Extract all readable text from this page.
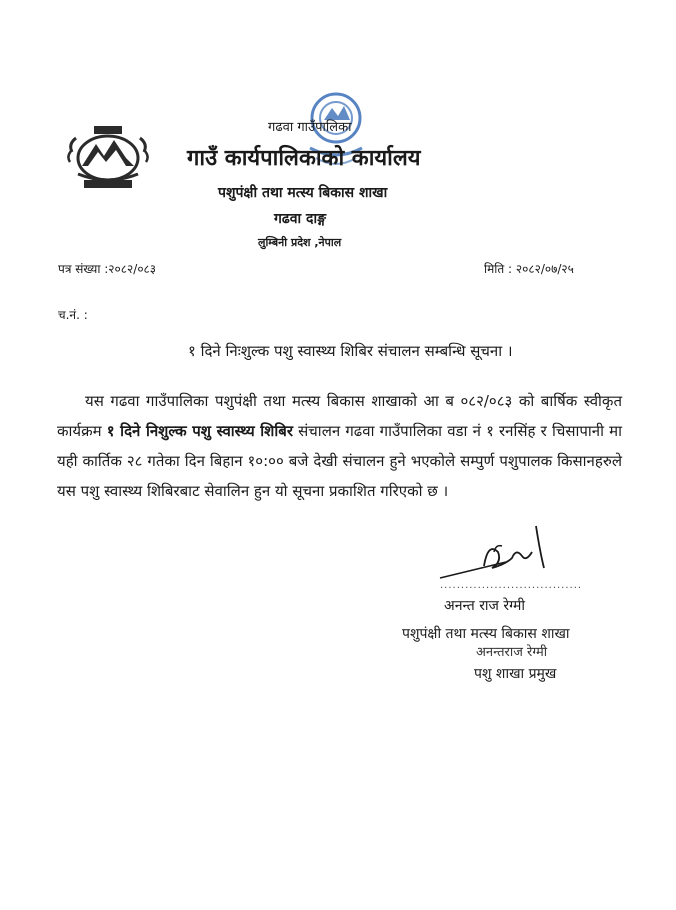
गढवा गाउँपालिका
गाउँ कार्यपालिकाको कार्यालय
पशुपंक्षी तथा मत्स्य बिकास शाखा
गढवा दाङ्ग
लुम्बिनी प्रदेश ,नेपाल
पत्र संख्या :२०८२/०८३	मिति : २०८२/०७/२५
च.नं. :
१ दिने निःशुल्क पशु स्वास्थ्य शिबिर संचालन सम्बन्धि सूचना ।
यस गढवा गाउँपालिका पशुपंक्षी तथा मत्स्य बिकास शाखाको आ ब ०८२/०८३ को बार्षिक स्वीकृत कार्यक्रम १ दिने निशुल्क पशु स्वास्थ्य शिबिर संचालन गढवा गाउँपालिका वडा नं १ रनसिंह र चिसापानी मा यही कार्तिक २८ गतेका दिन बिहान १०:०० बजे देखी संचालन हुने भएकोले सम्पुर्ण पशुपालक किसानहरुले यस पशु स्वास्थ्य शिबिरबाट सेवालिन हुन यो सूचना प्रकाशित गरिएको छ ।
..................................
अनन्त राज रेग्मी
पशुपंक्षी तथा मत्स्य बिकास शाखा
अनन्तराज रेग्मी
पशु शाखा प्रमुख
